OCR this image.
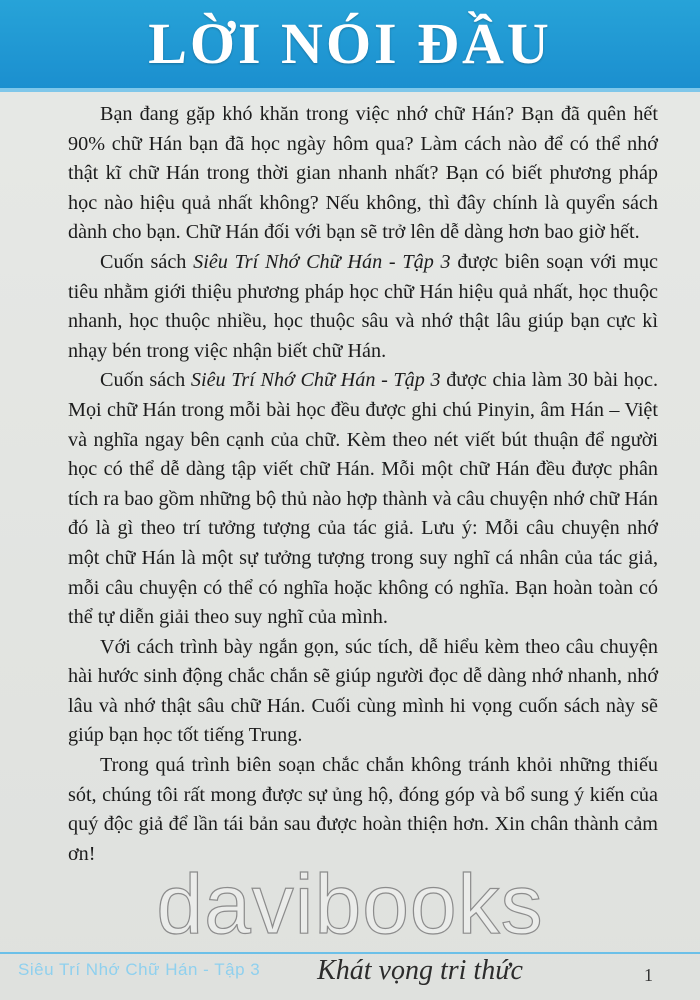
LỜI NÓI ĐẦU

Bạn đang gặp khó khăn trong việc nhớ chữ Hán? Bạn đã quên hết 90% chữ Hán bạn đã học ngày hôm qua? Làm cách nào để có thể nhớ thật kĩ chữ Hán trong thời gian nhanh nhất? Bạn có biết phương pháp học nào hiệu quả nhất không? Nếu không, thì đây chính là quyển sách dành cho bạn. Chữ Hán đối với bạn sẽ trở lên dễ dàng hơn bao giờ hết.

Cuốn sách Siêu Trí Nhớ Chữ Hán - Tập 3 được biên soạn với mục tiêu nhằm giới thiệu phương pháp học chữ Hán hiệu quả nhất, học thuộc nhanh, học thuộc nhiều, học thuộc sâu và nhớ thật lâu giúp bạn cực kì nhạy bén trong việc nhận biết chữ Hán.

Cuốn sách Siêu Trí Nhớ Chữ Hán - Tập 3 được chia làm 30 bài học. Mọi chữ Hán trong mỗi bài học đều được ghi chú Pinyin, âm Hán – Việt và nghĩa ngay bên cạnh của chữ. Kèm theo nét viết bút thuận để người học có thể dễ dàng tập viết chữ Hán. Mỗi một chữ Hán đều được phân tích ra bao gồm những bộ thủ nào hợp thành và câu chuyện nhớ chữ Hán đó là gì theo trí tưởng tượng của tác giả. Lưu ý: Mỗi câu chuyện nhớ một chữ Hán là một sự tưởng tượng trong suy nghĩ cá nhân của tác giả, mỗi câu chuyện có thể có nghĩa hoặc không có nghĩa. Bạn hoàn toàn có thể tự diễn giải theo suy nghĩ của mình.

Với cách trình bày ngắn gọn, súc tích, dễ hiểu kèm theo câu chuyện hài hước sinh động chắc chắn sẽ giúp người đọc dễ dàng nhớ nhanh, nhớ lâu và nhớ thật sâu chữ Hán. Cuối cùng mình hi vọng cuốn sách này sẽ giúp bạn học tốt tiếng Trung.

Trong quá trình biên soạn chắc chắn không tránh khỏi những thiếu sót, chúng tôi rất mong được sự ủng hộ, đóng góp và bổ sung ý kiến của quý độc giả để lần tái bản sau được hoàn thiện hơn. Xin chân thành cảm ơn!

Siêu Trí Nhớ Chữ Hán - Tập 3	1
davibooks
Khát vọng tri thức
